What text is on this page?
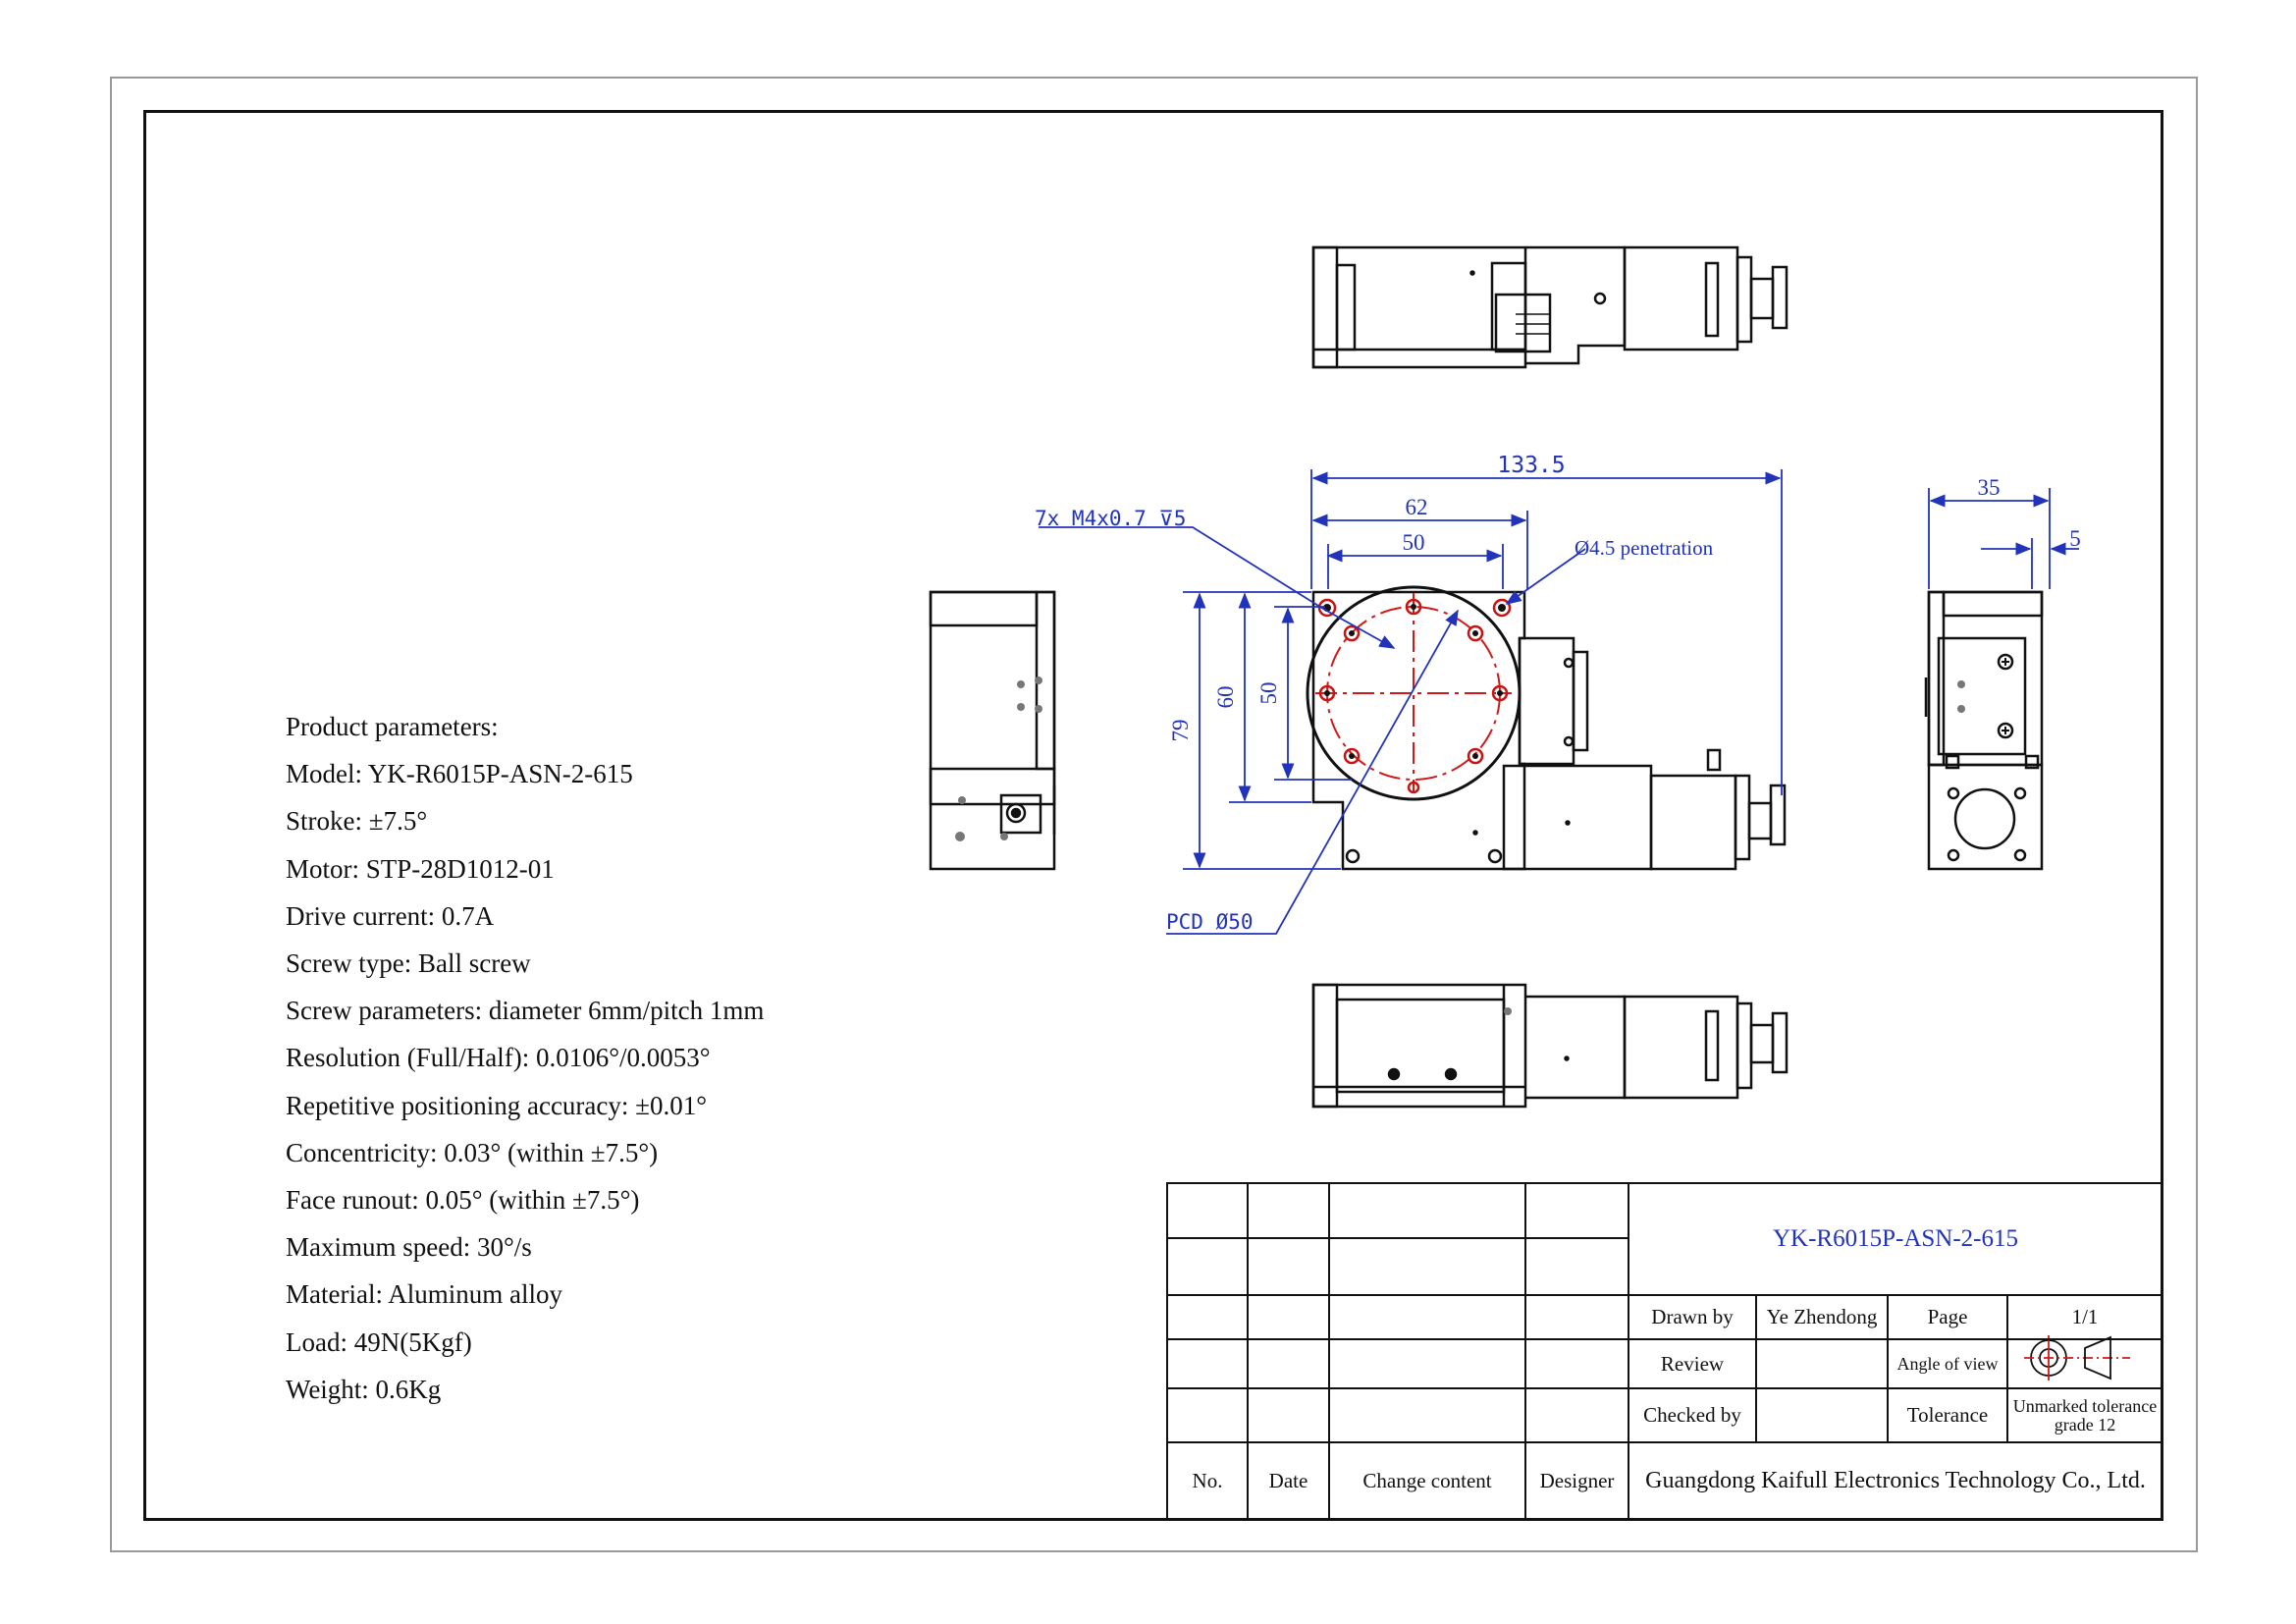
Product parameters:
Model: YK-R6015P-ASN-2-615
Stroke: ±7.5°
Motor: STP-28D1012-01
Drive current: 0.7A
Screw type: Ball screw
Screw parameters: diameter 6mm/pitch 1mm
Resolution (Full/Half): 0.0106°/0.0053°
Repetitive positioning accuracy: ±0.01°
Concentricity: 0.03° (within ±7.5°)
Face runout: 0.05° (within ±7.5°)
Maximum speed: 30°/s
Material: Aluminum alloy
Load: 49N(5Kgf)
Weight: 0.6Kg
133.5
62
50
79
60 50
7x M4x0.7 ⊽5
Ø4.5 penetration
PCD Ø50
35
5
				YK-R6015P-ASN-2-615			

				Drawn by	Ye Zhendong	Page	1/1
				Review		Angle of view	
				Checked by		Tolerance	Unmarked tolerance grade 12
No.	Date	Change content	Designer	Guangdong Kaifull Electronics Technology Co., Ltd.			
